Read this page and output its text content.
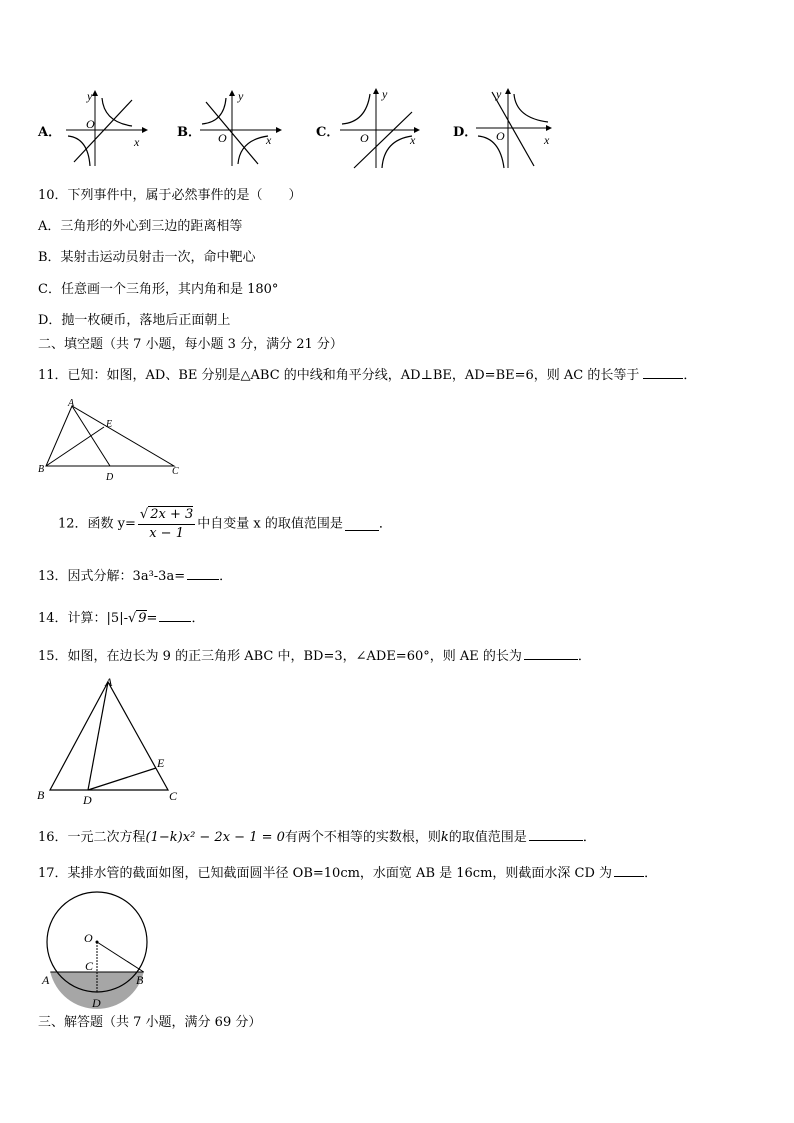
A．
O
x
y
B． O	x
y
C． O	x
y
D． O	x
y
10．下列事件中，属于必然事件的是（　　）
A．三角形的外心到三边的距离相等
B．某射击运动员射击一次，命中靶心
C．任意画一个三角形，其内角和是 180°
D．抛一枚硬币，落地后正面朝上
二、填空题（共 7 小题，每小题 3 分，满分 21 分）
11．已知：如图，AD、BE 分别是△ABC 的中线和角平分线，AD⊥BE，AD=BE=6，则 AC 的长等于	．
A
B	C
D
E
12．函数 $y= \frac{√ 2x + 3}{x - 1}$ 中自变量 x 的取值范围是	．
13．因式分解：3a³-3a=	．
14．计算：|5|-√ 9=	．
15．如图，在边长为 9 的正三角形 ABC 中，BD=3，∠ADE=60°，则 AE 的长为	．
A
B	C
D
E
16．一元二次方程(1−k)x² − 2x − 1 = 0有两个不相等的实数根，则k的取值范围是	．
17．某排水管的截面如图，已知截面圆半径 OB=10cm，水面宽 AB 是 16cm，则截面水深 CD 为 ．
O
A	B
C
D
三、解答题（共 7 小题，满分 69 分）
